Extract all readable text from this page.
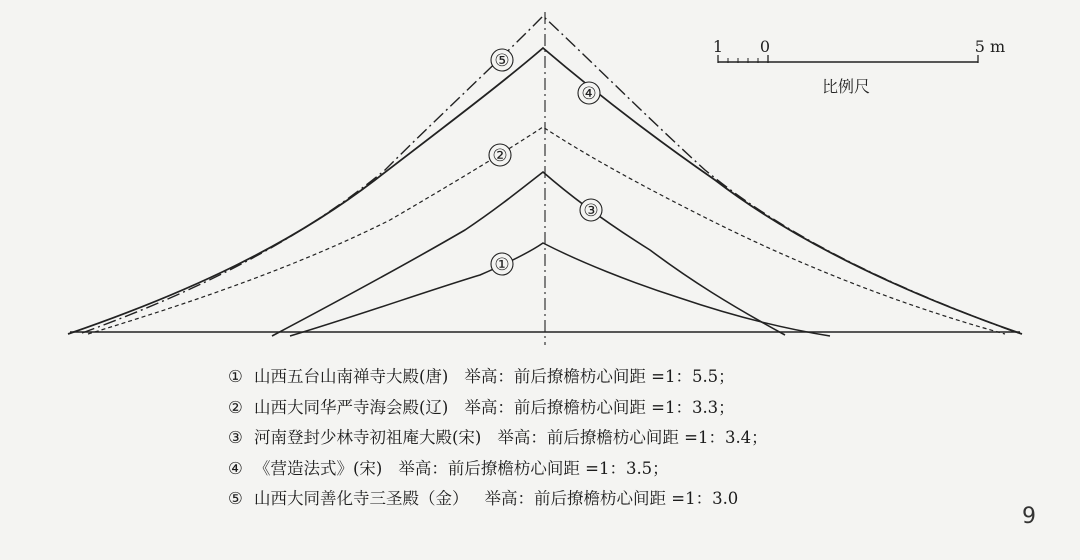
⑤
④
②
③
①
1 0	5 m
比例尺
① 山西五台山南禅寺大殿(唐) 举高：前后撩檐枋心间距 =1：5.5；
② 山西大同华严寺海会殿(辽) 举高：前后撩檐枋心间距 =1：3.3；
③ 河南登封少林寺初祖庵大殿(宋) 举高：前后撩檐枋心间距 =1：3.4；
④ 《营造法式》(宋) 举高：前后撩檐枋心间距 =1：3.5；
⑤ 山西大同善化寺三圣殿（金） 举高：前后撩檐枋心间距 =1：3.0
9
